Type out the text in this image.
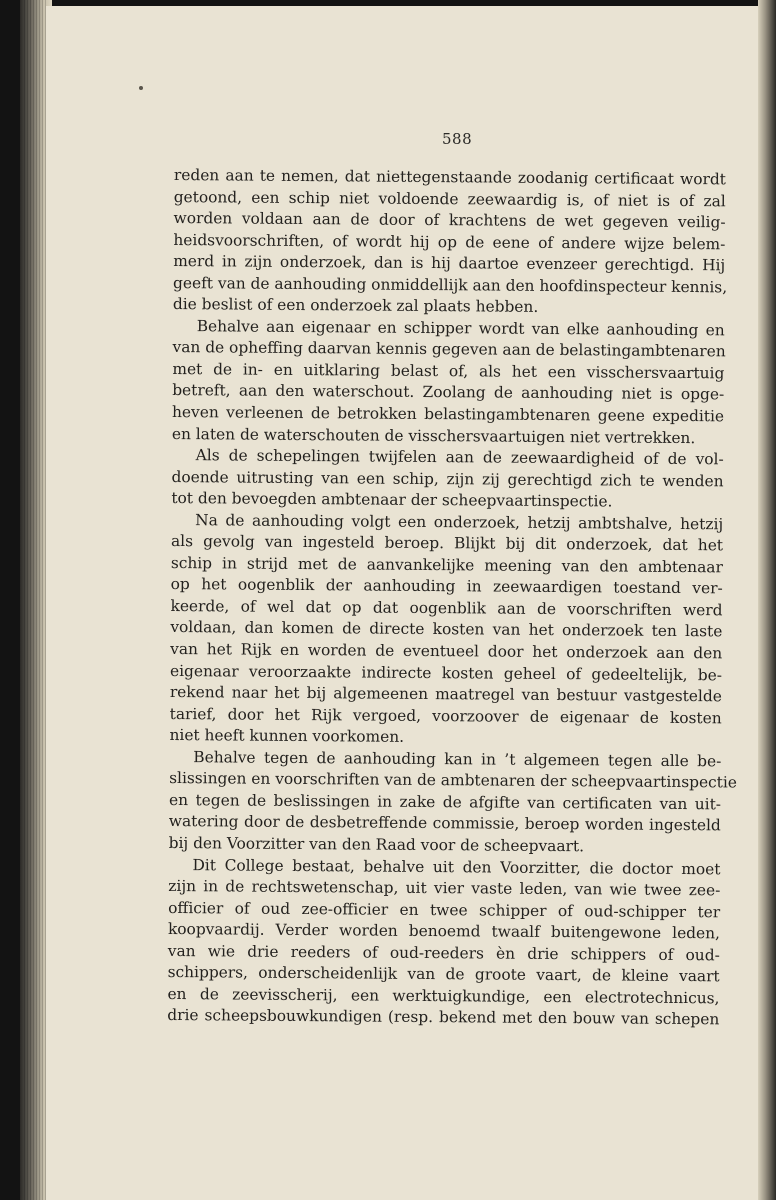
588
reden aan te nemen, dat niettegenstaande zoodanig certificaat wordt
getoond, een schip niet voldoende zeewaardig is, of niet is of zal
worden voldaan aan de door of krachtens de wet gegeven veilig-
heidsvoorschriften, of wordt hij op de eene of andere wijze belem-
merd in zijn onderzoek, dan is hij daartoe evenzeer gerechtigd. Hij
geeft van de aanhouding onmiddellijk aan den hoofdinspecteur kennis,
die beslist of een onderzoek zal plaats hebben.
Behalve aan eigenaar en schipper wordt van elke aanhouding en
van de opheffing daarvan kennis gegeven aan de belastingambtenaren
met de in- en uitklaring belast of, als het een visschersvaartuig
betreft, aan den waterschout. Zoolang de aanhouding niet is opge-
heven verleenen de betrokken belastingambtenaren geene expeditie
en laten de waterschouten de visschersvaartuigen niet vertrekken.
Als de schepelingen twijfelen aan de zeewaardigheid of de vol-
doende uitrusting van een schip, zijn zij gerechtigd zich te wenden
tot den bevoegden ambtenaar der scheepvaartinspectie.
Na de aanhouding volgt een onderzoek, hetzij ambtshalve, hetzij
als gevolg van ingesteld beroep. Blijkt bij dit onderzoek, dat het
schip in strijd met de aanvankelijke meening van den ambtenaar
op het oogenblik der aanhouding in zeewaardigen toestand ver-
keerde, of wel dat op dat oogenblik aan de voorschriften werd
voldaan, dan komen de directe kosten van het onderzoek ten laste
van het Rijk en worden de eventueel door het onderzoek aan den
eigenaar veroorzaakte indirecte kosten geheel of gedeeltelijk, be-
rekend naar het bij algemeenen maatregel van bestuur vastgestelde
tarief, door het Rijk vergoed, voorzoover de eigenaar de kosten
niet heeft kunnen voorkomen.
Behalve tegen de aanhouding kan in ’t algemeen tegen alle be-
slissingen en voorschriften van de ambtenaren der scheepvaartinspectie
en tegen de beslissingen in zake de afgifte van certificaten van uit-
watering door de desbetreffende commissie, beroep worden ingesteld
bij den Voorzitter van den Raad voor de scheepvaart.
Dit College bestaat, behalve uit den Voorzitter, die doctor moet
zijn in de rechtswetenschap, uit vier vaste leden, van wie twee zee-
officier of oud zee-officier en twee schipper of oud-schipper ter
koopvaardij. Verder worden benoemd twaalf buitengewone leden,
van wie drie reeders of oud-reeders èn drie schippers of oud-
schippers, onderscheidenlijk van de groote vaart, de kleine vaart
en de zeevisscherij, een werktuigkundige, een electrotechnicus,
drie scheepsbouwkundigen (resp. bekend met den bouw van schepen
